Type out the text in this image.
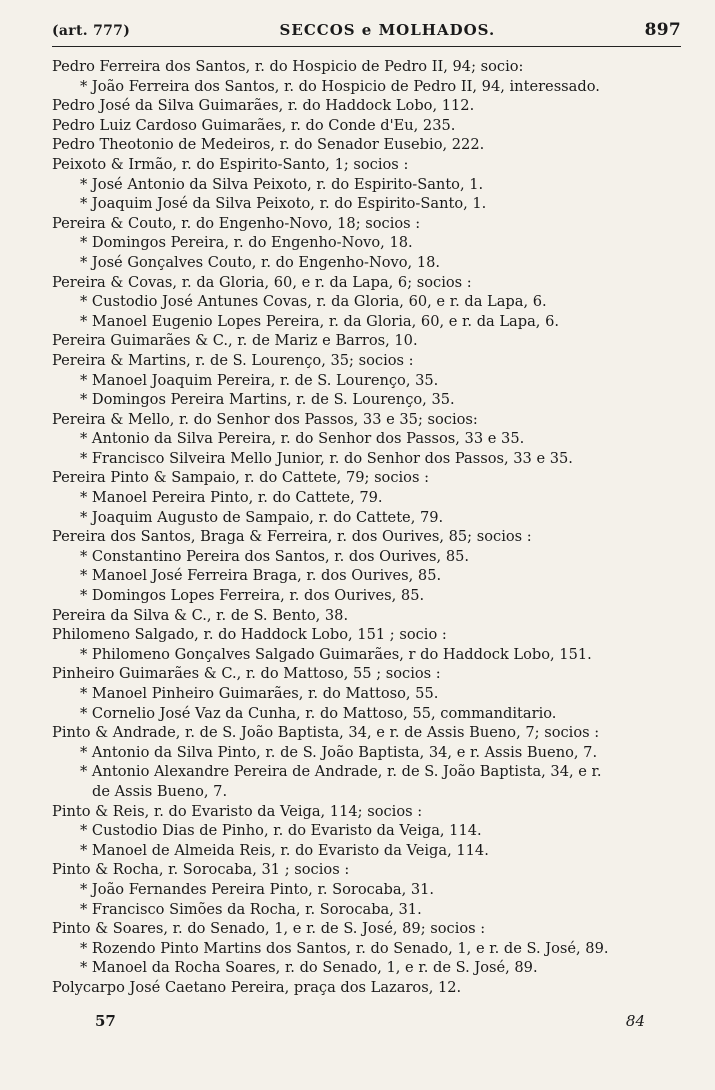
(art. 777)	SECCOS e MOLHADOS.	897
Pedro Ferreira dos Santos, r. do Hospicio de Pedro II, 94; socio:
* João Ferreira dos Santos, r. do Hospicio de Pedro II, 94, interessado.
Pedro José da Silva Guimarães, r. do Haddock Lobo, 112.
Pedro Luiz Cardoso Guimarães, r. do Conde d'Eu, 235.
Pedro Theotonio de Medeiros, r. do Senador Eusebio, 222.
Peixoto & Irmão, r. do Espirito-Santo, 1; socios :
* José Antonio da Silva Peixoto, r. do Espirito-Santo, 1.
* Joaquim José da Silva Peixoto, r. do Espirito-Santo, 1.
Pereira & Couto, r. do Engenho-Novo, 18; socios :
* Domingos Pereira, r. do Engenho-Novo, 18.
* José Gonçalves Couto, r. do Engenho-Novo, 18.
Pereira & Covas, r. da Gloria, 60, e r. da Lapa, 6; socios :
* Custodio José Antunes Covas, r. da Gloria, 60, e r. da Lapa, 6.
* Manoel Eugenio Lopes Pereira, r. da Gloria, 60, e r. da Lapa, 6.
Pereira Guimarães & C., r. de Mariz e Barros, 10.
Pereira & Martins, r. de S. Lourenço, 35; socios :
* Manoel Joaquim Pereira, r. de S. Lourenço, 35.
* Domingos Pereira Martins, r. de S. Lourenço, 35.
Pereira & Mello, r. do Senhor dos Passos, 33 e 35; socios:
* Antonio da Silva Pereira, r. do Senhor dos Passos, 33 e 35.
* Francisco Silveira Mello Junior, r. do Senhor dos Passos, 33 e 35.
Pereira Pinto & Sampaio, r. do Cattete, 79; socios :
* Manoel Pereira Pinto, r. do Cattete, 79.
* Joaquim Augusto de Sampaio, r. do Cattete, 79.
Pereira dos Santos, Braga & Ferreira, r. dos Ourives, 85; socios :
* Constantino Pereira dos Santos, r. dos Ourives, 85.
* Manoel José Ferreira Braga, r. dos Ourives, 85.
* Domingos Lopes Ferreira, r. dos Ourives, 85.
Pereira da Silva & C., r. de S. Bento, 38.
Philomeno Salgado, r. do Haddock Lobo, 151 ; socio :
* Philomeno Gonçalves Salgado Guimarães, r do Haddock Lobo, 151.
Pinheiro Guimarães & C., r. do Mattoso, 55 ; socios :
* Manoel Pinheiro Guimarães, r. do Mattoso, 55.
* Cornelio José Vaz da Cunha, r. do Mattoso, 55, commanditario.
Pinto & Andrade, r. de S. João Baptista, 34, e r. de Assis Bueno, 7; socios :
* Antonio da Silva Pinto, r. de S. João Baptista, 34, e r. Assis Bueno, 7.
* Antonio Alexandre Pereira de Andrade, r. de S. João Baptista, 34, e r.
de Assis Bueno, 7.
Pinto & Reis, r. do Evaristo da Veiga, 114; socios :
* Custodio Dias de Pinho, r. do Evaristo da Veiga, 114.
* Manoel de Almeida Reis, r. do Evaristo da Veiga, 114.
Pinto & Rocha, r. Sorocaba, 31 ; socios :
* João Fernandes Pereira Pinto, r. Sorocaba, 31.
* Francisco Simões da Rocha, r. Sorocaba, 31.
Pinto & Soares, r. do Senado, 1, e r. de S. José, 89; socios :
* Rozendo Pinto Martins dos Santos, r. do Senado, 1, e r. de S. José, 89.
* Manoel da Rocha Soares, r. do Senado, 1, e r. de S. José, 89.
Polycarpo José Caetano Pereira, praça dos Lazaros, 12.
57	84
